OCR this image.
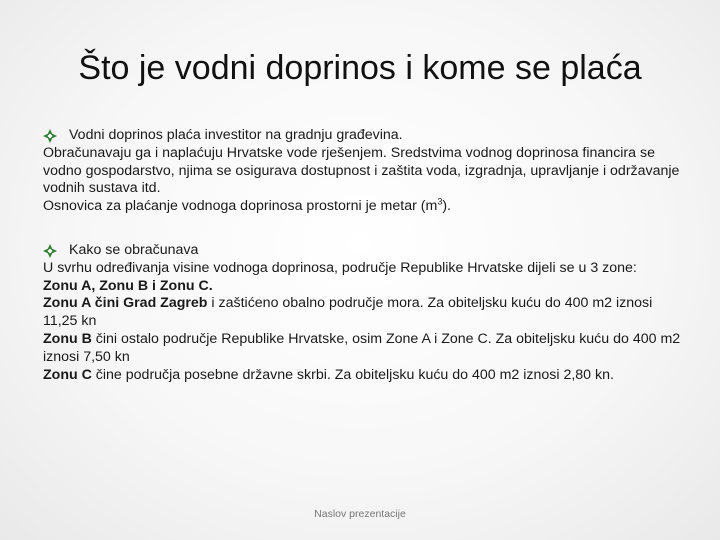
Što je vodni doprinos i kome se plaća
Vodni doprinos plaća investitor na gradnju građevina.
Obračunavaju ga i naplaćuju Hrvatske vode rješenjem. Sredstvima vodnog doprinosa financira se vodno gospodarstvo, njima se osigurava dostupnost i zaštita voda, izgradnja, upravljanje i održavanje vodnih sustava itd.
Osnovica za plaćanje vodnoga doprinosa prostorni je metar $(m^3)$.
Kako se obračunava
U svrhu određivanja visine vodnoga doprinosa, područje Republike Hrvatske dijeli se u 3 zone:
Zonu A, Zonu B i Zonu C.
Zonu A čini Grad Zagreb i zaštićeno obalno područje mora. Za obiteljsku kuću do 400 m2 iznosi 11,25 kn
Zonu B čini ostalo područje Republike Hrvatske, osim Zone A i Zone C. Za obiteljsku kuću do 400 m2 iznosi 7,50 kn
Zonu C čine područja posebne državne skrbi. Za obiteljsku kuću do 400 m2 iznosi 2,80 kn.
Naslov prezentacije
